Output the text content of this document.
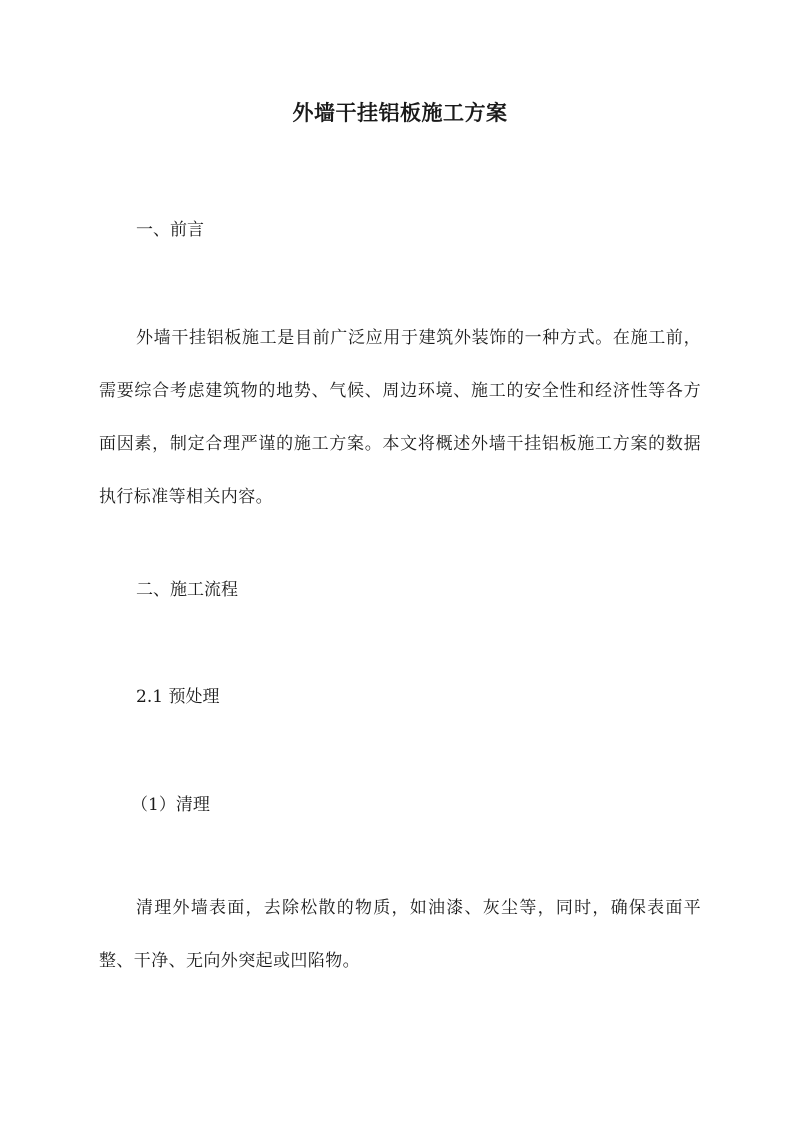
外墙干挂铝板施工方案

一、前言

外墙干挂铝板施工是目前广泛应用于建筑外装饰的一种方式。在施工前，需要综合考虑建筑物的地势、气候、周边环境、施工的安全性和经济性等各方面因素，制定合理严谨的施工方案。本文将概述外墙干挂铝板施工方案的数据执行标准等相关内容。

二、施工流程

2.1 预处理

（1）清理

清理外墙表面，去除松散的物质，如油漆、灰尘等，同时，确保表面平整、干净、无向外突起或凹陷物。
